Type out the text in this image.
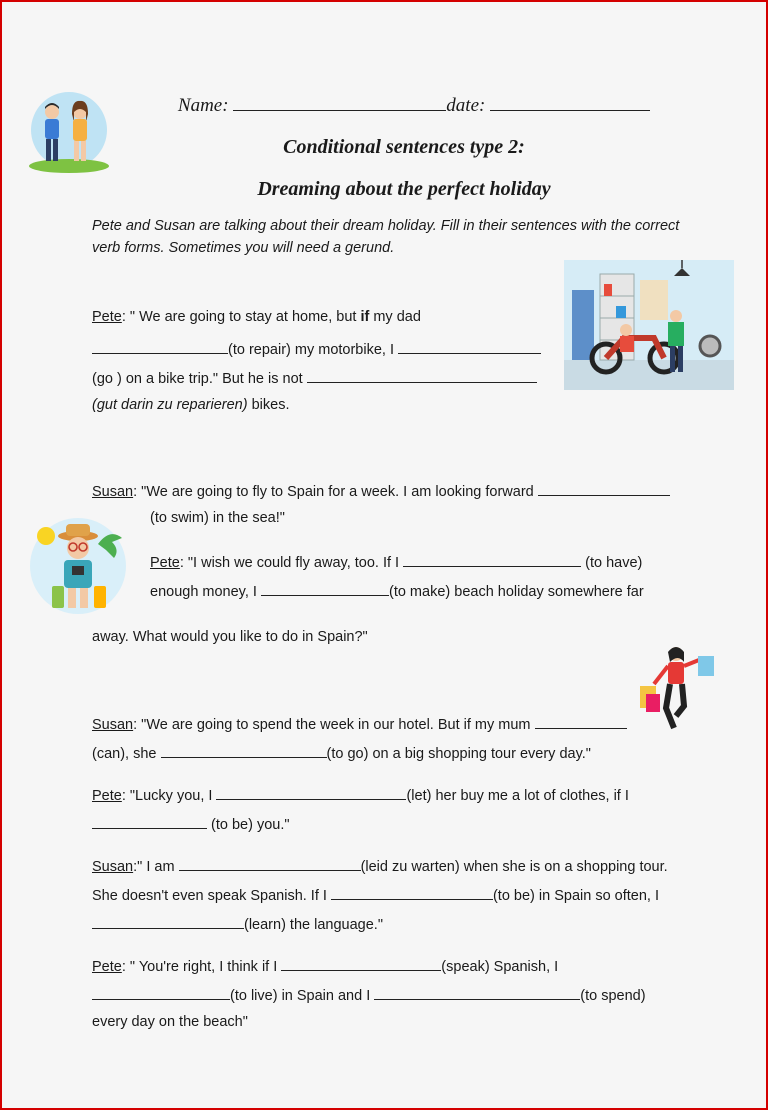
Name:	date:
Conditional sentences type 2:
Dreaming about the perfect holiday
Pete and Susan are talking about their dream holiday. Fill in their sentences with the correct verb forms. Sometimes you will need a gerund.
Pete: " We are going to stay at home, but if my dad
(to repair) my motorbike, I
(go ) on a bike trip." But he is not
(gut darin zu reparieren) bikes.
Susan: "We are going to fly to Spain for a week. I am looking forward
(to swim) in the sea!"
Pete: "I wish we could fly away, too. If I	(to have)
enough money, I	(to make) beach holiday somewhere far
away. What would you like to do in Spain?"
Susan: "We are going to spend the week in our hotel. But if my mum
(can), she	(to go) on a big shopping tour every day."
Pete: "Lucky you, I	(let) her buy me a lot of clothes, if I
(to be) you."
Susan:" I am	(leid zu warten) when she is on a shopping tour.
She doesn't even speak Spanish. If I	(to be) in Spain so often, I
(learn) the language."
Pete: " You're right, I think if I	(speak) Spanish, I
(to live) in Spain and I	(to spend)
every day on the beach"
